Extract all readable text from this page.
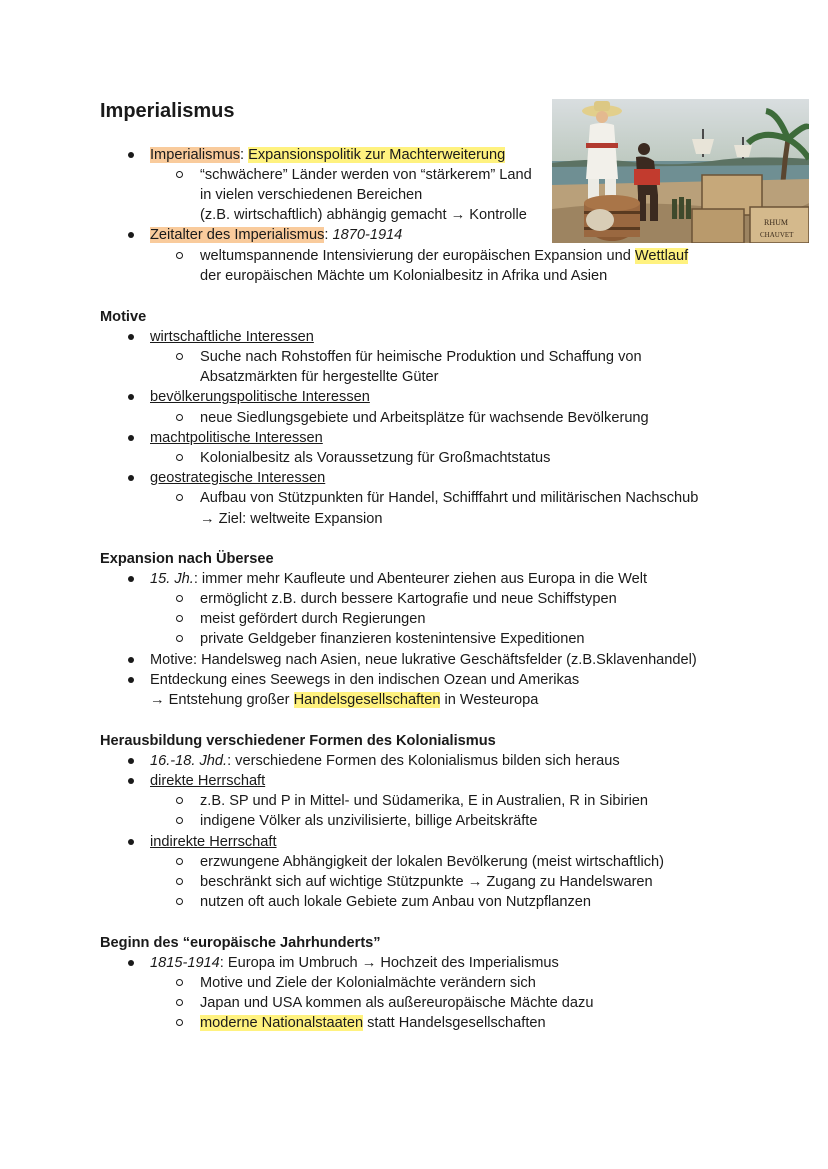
Imperialismus
RHUM
CHAUVET
Imperialismus: Expansionspolitik zur Machterweiterung
“schwächere” Länder werden von “stärkerem” Land
in vielen verschiedenen Bereichen
(z.B. wirtschaftlich) abhängig gemacht → Kontrolle
Zeitalter des Imperialismus: 1870-1914
weltumspannende Intensivierung der europäischen Expansion und Wettlauf
der europäischen Mächte um Kolonialbesitz in Afrika und Asien
Motive
wirtschaftliche Interessen
Suche nach Rohstoffen für heimische Produktion und Schaffung von
Absatzmärkten für hergestellte Güter
bevölkerungspolitische Interessen
neue Siedlungsgebiete und Arbeitsplätze für wachsende Bevölkerung
machtpolitische Interessen
Kolonialbesitz als Voraussetzung für Großmachtstatus
geostrategische Interessen
Aufbau von Stützpunkten für Handel, Schifffahrt und militärischen Nachschub
→ Ziel: weltweite Expansion
Expansion nach Übersee
15. Jh.: immer mehr Kaufleute und Abenteurer ziehen aus Europa in die Welt
ermöglicht z.B. durch bessere Kartografie und neue Schiffstypen
meist gefördert durch Regierungen
private Geldgeber finanzieren kostenintensive Expeditionen
Motive: Handelsweg nach Asien, neue lukrative Geschäftsfelder (z.B.Sklavenhandel)
Entdeckung eines Seewegs in den indischen Ozean und Amerikas
→ Entstehung großer Handelsgesellschaften in Westeuropa
Herausbildung verschiedener Formen des Kolonialismus
16.-18. Jhd.: verschiedene Formen des Kolonialismus bilden sich heraus
direkte Herrschaft
z.B. SP und P in Mittel- und Südamerika, E in Australien, R in Sibirien
indigene Völker als unzivilisierte, billige Arbeitskräfte
indirekte Herrschaft
erzwungene Abhängigkeit der lokalen Bevölkerung (meist wirtschaftlich)
beschränkt sich auf wichtige Stützpunkte → Zugang zu Handelswaren
nutzen oft auch lokale Gebiete zum Anbau von Nutzpflanzen
Beginn des “europäische Jahrhunderts”
1815-1914: Europa im Umbruch → Hochzeit des Imperialismus
Motive und Ziele der Kolonialmächte verändern sich
Japan und USA kommen als außereuropäische Mächte dazu
moderne Nationalstaaten statt Handelsgesellschaften
